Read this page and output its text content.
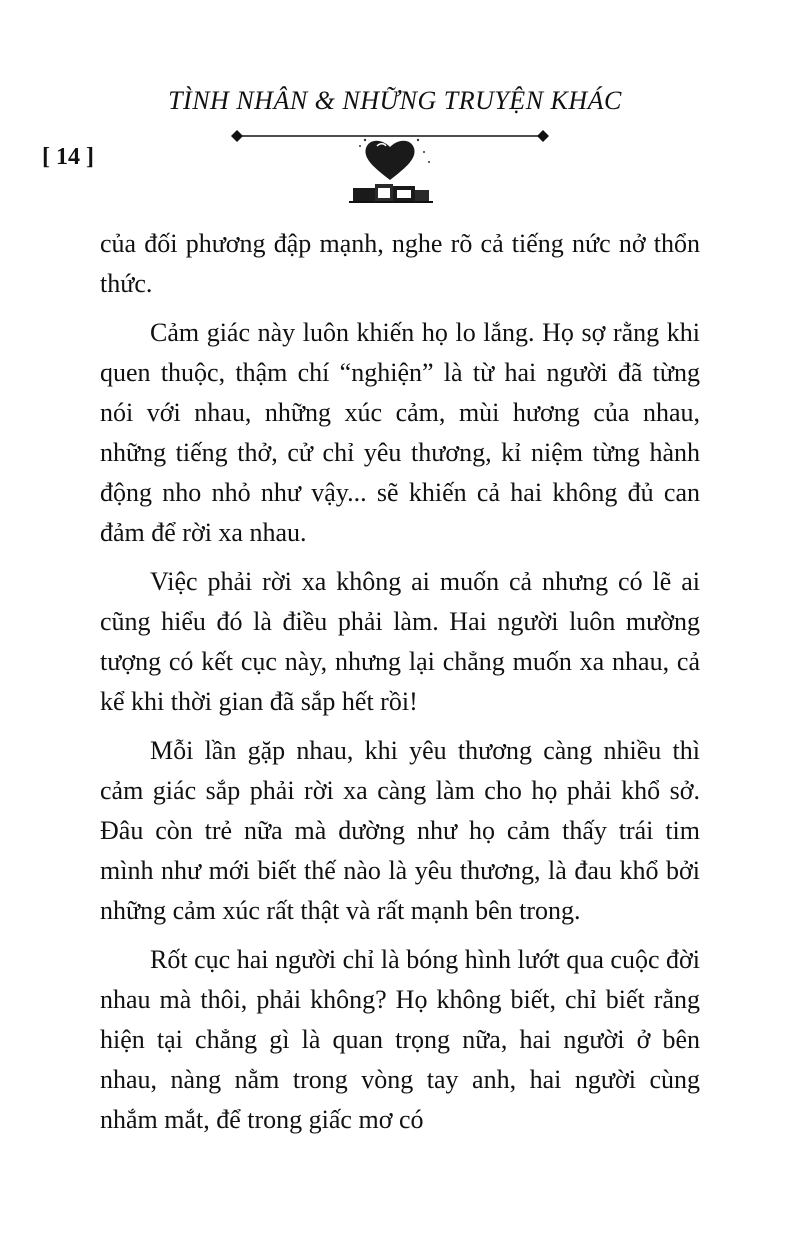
TÌNH NHÂN & NHỮNG TRUYỆN KHÁC
[ 14 ]

của đối phương đập mạnh, nghe rõ cả tiếng nức nở thổn thức.

Cảm giác này luôn khiến họ lo lắng. Họ sợ rằng khi quen thuộc, thậm chí “nghiện” là từ hai người đã từng nói với nhau, những xúc cảm, mùi hương của nhau, những tiếng thở, cử chỉ yêu thương, kỉ niệm từng hành động nho nhỏ như vậy... sẽ khiến cả hai không đủ can đảm để rời xa nhau.

Việc phải rời xa không ai muốn cả nhưng có lẽ ai cũng hiểu đó là điều phải làm. Hai người luôn mường tượng có kết cục này, nhưng lại chẳng muốn xa nhau, cả kể khi thời gian đã sắp hết rồi!

Mỗi lần gặp nhau, khi yêu thương càng nhiều thì cảm giác sắp phải rời xa càng làm cho họ phải khổ sở. Đâu còn trẻ nữa mà dường như họ cảm thấy trái tim mình như mới biết thế nào là yêu thương, là đau khổ bởi những cảm xúc rất thật và rất mạnh bên trong.

Rốt cục hai người chỉ là bóng hình lướt qua cuộc đời nhau mà thôi, phải không? Họ không biết, chỉ biết rằng hiện tại chẳng gì là quan trọng nữa, hai người ở bên nhau, nàng nằm trong vòng tay anh, hai người cùng nhắm mắt, để trong giấc mơ có
